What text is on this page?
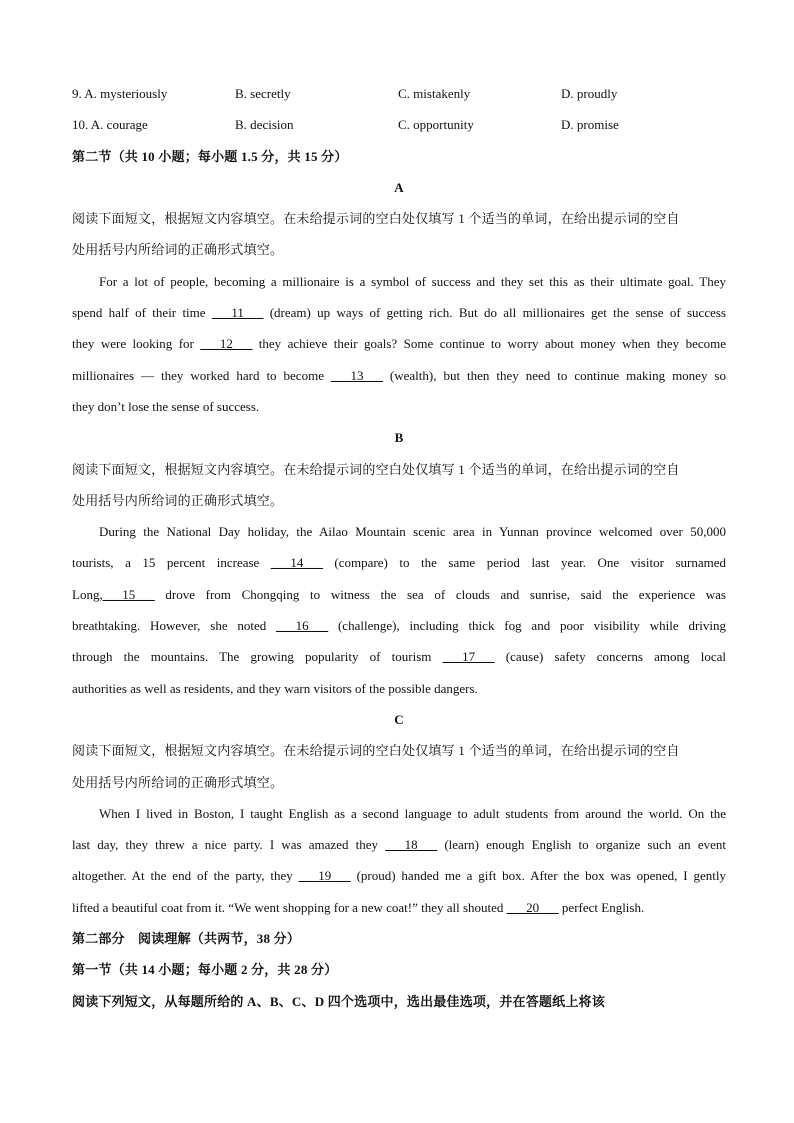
9. A. mysteriously	B. secretly	C. mistakenly	D. proudly
10. A. courage	B. decision	C. opportunity	D. promise
第二节（共 10 小题；每小题 1.5 分，共 15 分）
A
阅读下面短文，根据短文内容填空。在未给提示词的空白处仅填写 1 个适当的单词，在给出提示词的空自
处用括号内所给词的正确形式填空。
For a lot of people, becoming a millionaire is a symbol of success and they set this as their ultimate goal. They
spend half of their time ___11___ (dream) up ways of getting rich. But do all millionaires get the sense of success
they were looking for ___12___ they achieve their goals? Some continue to worry about money when they become
millionaires — they worked hard to become ___13___ (wealth), but then they need to continue making money so
they don’t lose the sense of success.
B
阅读下面短文，根据短文内容填空。在未给提示词的空白处仅填写 1 个适当的单词，在给出提示词的空自
处用括号内所给词的正确形式填空。
During the National Day holiday, the Ailao Mountain scenic area in Yunnan province welcomed over 50,000
tourists, a 15 percent increase ___14___ (compare) to the same period last year. One visitor surnamed
Long,___15___ drove from Chongqing to witness the sea of clouds and sunrise, said the experience was
breathtaking. However, she noted ___16___ (challenge), including thick fog and poor visibility while driving
through the mountains. The growing popularity of tourism ___17___ (cause) safety concerns among local
authorities as well as residents, and they warn visitors of the possible dangers.
C
阅读下面短文，根据短文内容填空。在未给提示词的空白处仅填写 1 个适当的单词，在给出提示词的空自
处用括号内所给词的正确形式填空。
When I lived in Boston, I taught English as a second language to adult students from around the world. On the
last day, they threw a nice party. I was amazed they ___18___ (learn) enough English to organize such an event
altogether. At the end of the party, they ___19___ (proud) handed me a gift box. After the box was opened, I gently
lifted a beautiful coat from it. “We went shopping for a new coat!” they all shouted ___20___ perfect English.
第二部分　阅读理解（共两节，38 分）
第一节（共 14 小题；每小题 2 分，共 28 分）
阅读下列短文，从每题所给的 A、B、C、D 四个选项中，选出最佳选项，并在答题纸上将该
